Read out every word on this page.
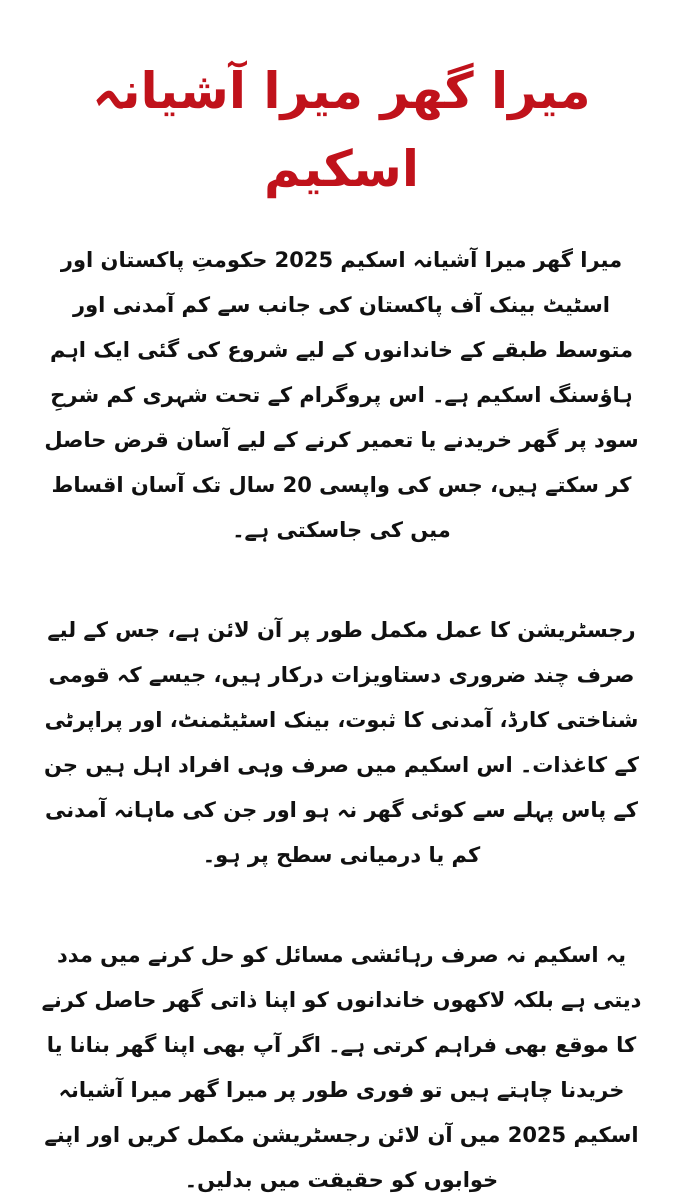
میرا گھر میرا آشیانہ اسکیم

میرا گھر میرا آشیانہ اسکیم 2025 حکومتِ پاکستان اور اسٹیٹ بینک آف پاکستان کی جانب سے کم آمدنی اور متوسط طبقے کے خاندانوں کے لیے شروع کی گئی ایک اہم ہاؤسنگ اسکیم ہے۔ اس پروگرام کے تحت شہری کم شرحِ سود پر گھر خریدنے یا تعمیر کرنے کے لیے آسان قرض حاصل کر سکتے ہیں، جس کی واپسی 20 سال تک آسان اقساط میں کی جاسکتی ہے۔

رجسٹریشن کا عمل مکمل طور پر آن لائن ہے، جس کے لیے صرف چند ضروری دستاویزات درکار ہیں، جیسے کہ قومی شناختی کارڈ، آمدنی کا ثبوت، بینک اسٹیٹمنٹ، اور پراپرٹی کے کاغذات۔ اس اسکیم میں صرف وہی افراد اہل ہیں جن کے پاس پہلے سے کوئی گھر نہ ہو اور جن کی ماہانہ آمدنی کم یا درمیانی سطح پر ہو۔

یہ اسکیم نہ صرف رہائشی مسائل کو حل کرنے میں مدد دیتی ہے بلکہ لاکھوں خاندانوں کو اپنا ذاتی گھر حاصل کرنے کا موقع بھی فراہم کرتی ہے۔ اگر آپ بھی اپنا گھر بنانا یا خریدنا چاہتے ہیں تو فوری طور پر میرا گھر میرا آشیانہ اسکیم 2025 میں آن لائن رجسٹریشن مکمل کریں اور اپنے خوابوں کو حقیقت میں بدلیں۔
